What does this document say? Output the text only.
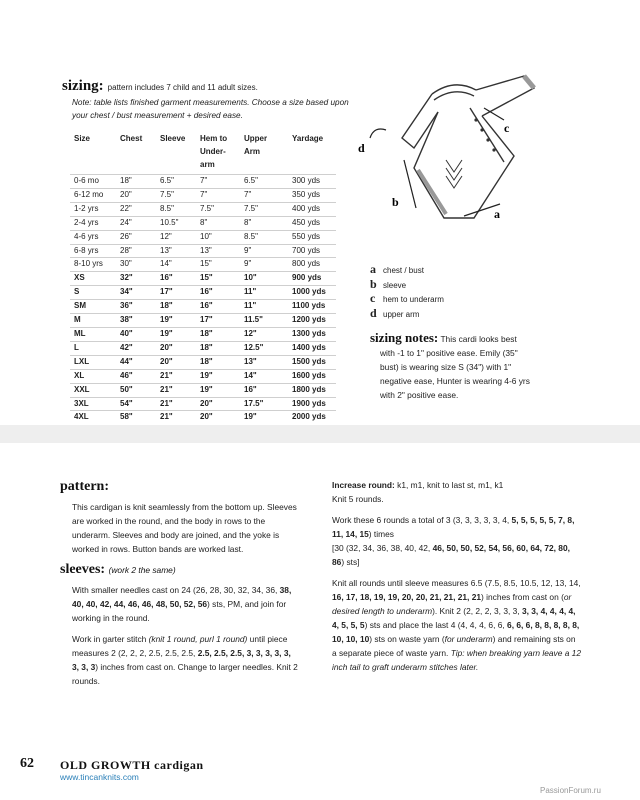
sizing: pattern includes 7 child and 11 adult sizes.
Note: table lists finished garment measurements. Choose a size based upon your chest / bust measurement + desired ease.
Size	Chest	Sleeve	Hem to Under-arm	Upper Arm	Yardage
0-6 mo	18"	6.5"	7"	6.5"	300 yds
6-12 mo	20"	7.5"	7"	7"	350 yds
1-2 yrs	22"	8.5"	7.5"	7.5"	400 yds
2-4 yrs	24"	10.5"	8"	8"	450 yds
4-6 yrs	26"	12"	10"	8.5"	550 yds
6-8 yrs	28"	13"	13"	9"	700 yds
8-10 yrs	30"	14"	15"	9"	800 yds
XS	32"	16"	15"	10"	900 yds
S	34"	17"	16"	11"	1000 yds
SM	36"	18"	16"	11"	1100 yds
M	38"	19"	17"	11.5"	1200 yds
ML	40"	19"	18"	12"	1300 yds
L	42"	20"	18"	12.5"	1400 yds
LXL	44"	20"	18"	13"	1500 yds
XL	46"	21"	19"	14"	1600 yds
XXL	50"	21"	19"	16"	1800 yds
3XL	54"	21"	20"	17.5"	1900 yds
4XL	58"	21"	20"	19"	2000 yds
a
b
c
d
achest / bust
bsleeve
chem to underarm
dupper arm
sizing notes: This cardi looks best
with -1 to 1" positive ease. Emily (35"
bust) is wearing size S (34") with 1"
negative ease, Hunter is wearing 4-6 yrs
with 2" positive ease.
pattern:

This cardigan is knit seamlessly from the bottom up. Sleeves are worked in the round, and the body in rows to the underarm. Sleeves and body are joined, and the yoke is worked in rows. Button bands are worked last.

sleeves: (work 2 the same)

With smaller needles cast on 24 (26, 28, 30, 32, 34, 36, 38, 40, 40, 42, 44, 46, 46, 48, 50, 52, 56) sts, PM, and join for working in the round.

Work in garter stitch (knit 1 round, purl 1 round) until piece measures 2 (2, 2, 2, 2.5, 2.5, 2.5, 2.5, 2.5, 2.5, 3, 3, 3, 3, 3, 3, 3, 3) inches from cast on. Change to larger needles. Knit 2 rounds.

Increase round: k1, m1, knit to last st, m1, k1

Knit 5 rounds.

Work these 6 rounds a total of 3 (3, 3, 3, 3, 3, 4, 5, 5, 5, 5, 5, 7, 8, 11, 14, 15) times
[30 (32, 34, 36, 38, 40, 42, 46, 50, 50, 52, 54, 56, 60, 64, 72, 80, 86) sts]

Knit all rounds until sleeve measures 6.5 (7.5, 8.5, 10.5, 12, 13, 14, 16, 17, 18, 19, 19, 20, 20, 21, 21, 21, 21) inches from cast on (or desired length to underarm). Knit 2 (2, 2, 2, 3, 3, 3, 3, 3, 4, 4, 4, 4, 4, 5, 5, 5) sts and place the last 4 (4, 4, 4, 6, 6, 6, 6, 6, 8, 8, 8, 8, 8, 10, 10, 10) sts on waste yarn (for underarm) and remaining sts on a separate piece of waste yarn. Tip: when breaking yarn leave a 12 inch tail to graft underarm stitches later.

62 OLD GROWTH cardigan
www.tincanknits.com
PassionForum.ru
